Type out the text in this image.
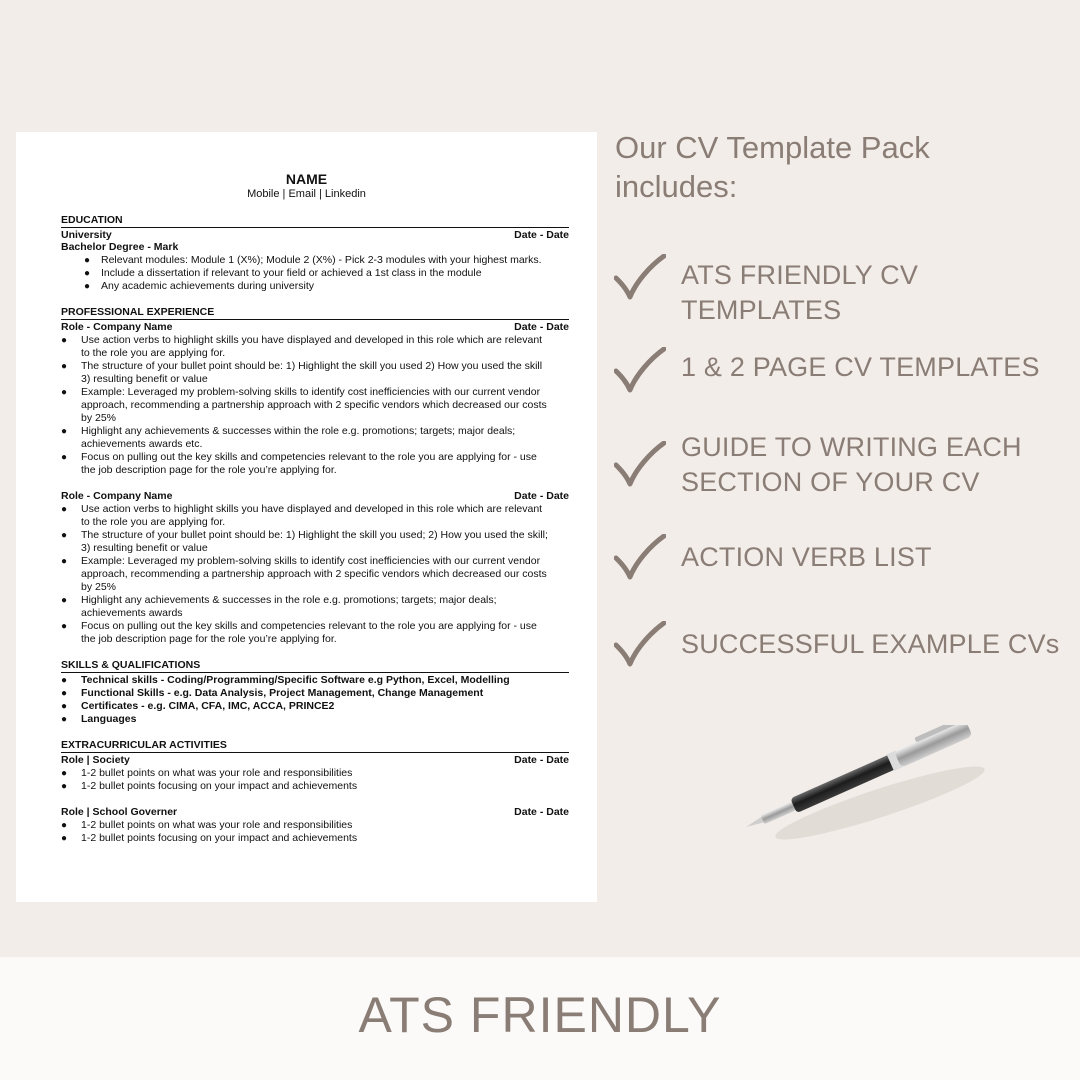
NAME
Mobile | Email | Linkedin
EDUCATION
University	Date - Date
Bachelor Degree - Mark
● Relevant modules: Module 1 (X%); Module 2 (X%) - Pick 2-3 modules with your highest marks.
● Include a dissertation if relevant to your field or achieved a 1st class in the module
● Any academic achievements during university
PROFESSIONAL EXPERIENCE
Role - Company Name	Date - Date
● Use action verbs to highlight skills you have displayed and developed in this role which are relevant
to the role you are applying for.
● The structure of your bullet point should be: 1) Highlight the skill you used 2) How you used the skill
3) resulting benefit or value
● Example: Leveraged my problem-solving skills to identify cost inefficiencies with our current vendor
approach, recommending a partnership approach with 2 specific vendors which decreased our costs
by 25%
● Highlight any achievements & successes within the role e.g. promotions; targets; major deals;
achievements awards etc.
● Focus on pulling out the key skills and competencies relevant to the role you are applying for - use
the job description page for the role you’re applying for.
Role - Company Name	Date - Date
● Use action verbs to highlight skills you have displayed and developed in this role which are relevant
to the role you are applying for.
● The structure of your bullet point should be: 1) Highlight the skill you used; 2) How you used the skill;
3) resulting benefit or value
● Example: Leveraged my problem-solving skills to identify cost inefficiencies with our current vendor
approach, recommending a partnership approach with 2 specific vendors which decreased our costs
by 25%
● Highlight any achievements & successes in the role e.g. promotions; targets; major deals;
achievements awards
● Focus on pulling out the key skills and competencies relevant to the role you are applying for - use
the job description page for the role you’re applying for.
SKILLS & QUALIFICATIONS
● Technical skills - Coding/Programming/Specific Software e.g Python, Excel, Modelling
● Functional Skills - e.g. Data Analysis, Project Management, Change Management
● Certificates - e.g. CIMA, CFA, IMC, ACCA, PRINCE2
● Languages
EXTRACURRICULAR ACTIVITIES
Role | Society	Date - Date
● 1-2 bullet points on what was your role and responsibilities
● 1-2 bullet points focusing on your impact and achievements
Role | School Governer	Date - Date
● 1-2 bullet points on what was your role and responsibilities
● 1-2 bullet points focusing on your impact and achievements
Our CV Template Pack
includes:
ATS FRIENDLY CV TEMPLATES
1 & 2 PAGE CV TEMPLATES
GUIDE TO WRITING EACH
SECTION OF YOUR CV
ACTION VERB LIST
SUCCESSFUL EXAMPLE CVs
ATS FRIENDLY
